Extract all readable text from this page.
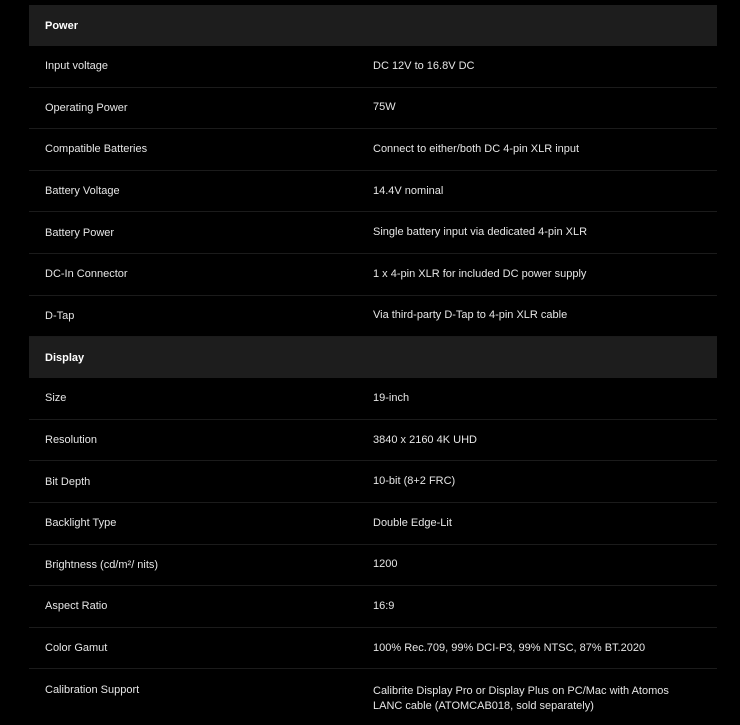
Power
Input voltage	DC 12V to 16.8V DC
Operating Power	75W
Compatible Batteries	Connect to either/both DC 4-pin XLR input
Battery Voltage	14.4V nominal
Battery Power	Single battery input via dedicated 4-pin XLR
DC-In Connector	1 x 4-pin XLR for included DC power supply
D-Tap	Via third-party D-Tap to 4-pin XLR cable
Display
Size	19-inch
Resolution	3840 x 2160 4K UHD
Bit Depth	10-bit (8+2 FRC)
Backlight Type	Double Edge-Lit
Brightness (cd/m²/ nits)	1200
Aspect Ratio	16:9
Color Gamut	100% Rec.709, 99% DCI-P3, 99% NTSC, 87% BT.2020
Calibration Support	Calibrite Display Pro or Display Plus on PC/Mac with Atomos LANC cable (ATOMCAB018, sold separately)
